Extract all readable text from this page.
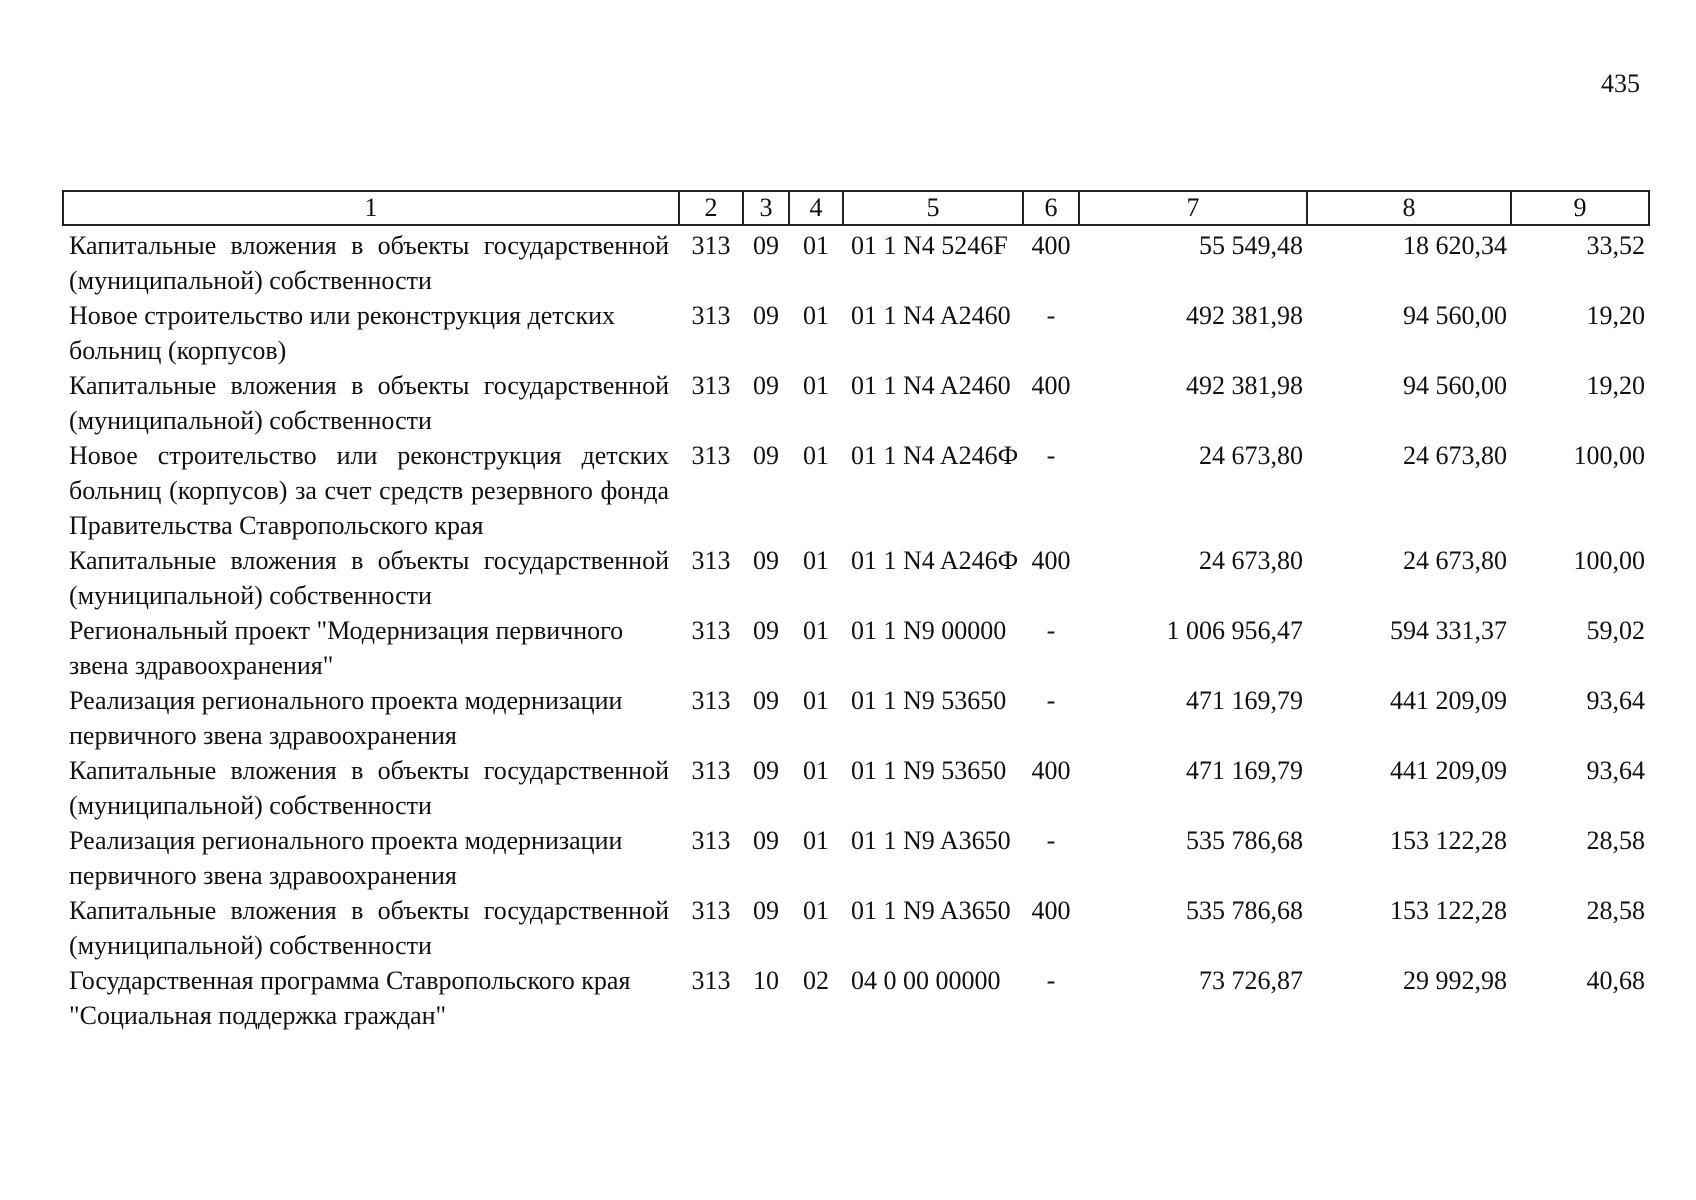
435
1	2	3	4	5	6	7	8	9
Капитальные вложения в объекты государственной (муниципальной) собственности	313	09	01	01 1 N4 5246F	400	55 549,48	18 620,34	33,52
Новое строительство или реконструкция детских больниц (корпусов)	313	09	01	01 1 N4 A2460	-	492 381,98	94 560,00	19,20
Капитальные вложения в объекты государственной (муниципальной) собственности	313	09	01	01 1 N4 A2460	400	492 381,98	94 560,00	19,20
Новое строительство или реконструкция детских больниц (корпусов) за счет средств резервного фонда Правительства Ставропольского края	313	09	01	01 1 N4 A246Ф	-	24 673,80	24 673,80	100,00
Капитальные вложения в объекты государственной (муниципальной) собственности	313	09	01	01 1 N4 A246Ф	400	24 673,80	24 673,80	100,00
Региональный проект "Модернизация первичного звена здравоохранения"	313	09	01	01 1 N9 00000	-	1 006 956,47	594 331,37	59,02
Реализация регионального проекта модернизации первичного звена здравоохранения	313	09	01	01 1 N9 53650	-	471 169,79	441 209,09	93,64
Капитальные вложения в объекты государственной (муниципальной) собственности	313	09	01	01 1 N9 53650	400	471 169,79	441 209,09	93,64
Реализация регионального проекта модернизации первичного звена здравоохранения	313	09	01	01 1 N9 A3650	-	535 786,68	153 122,28	28,58
Капитальные вложения в объекты государственной (муниципальной) собственности	313	09	01	01 1 N9 A3650	400	535 786,68	153 122,28	28,58
Государственная программа Ставропольского края "Социальная поддержка граждан"	313	10	02	04 0 00 00000	-	73 726,87	29 992,98	40,68
